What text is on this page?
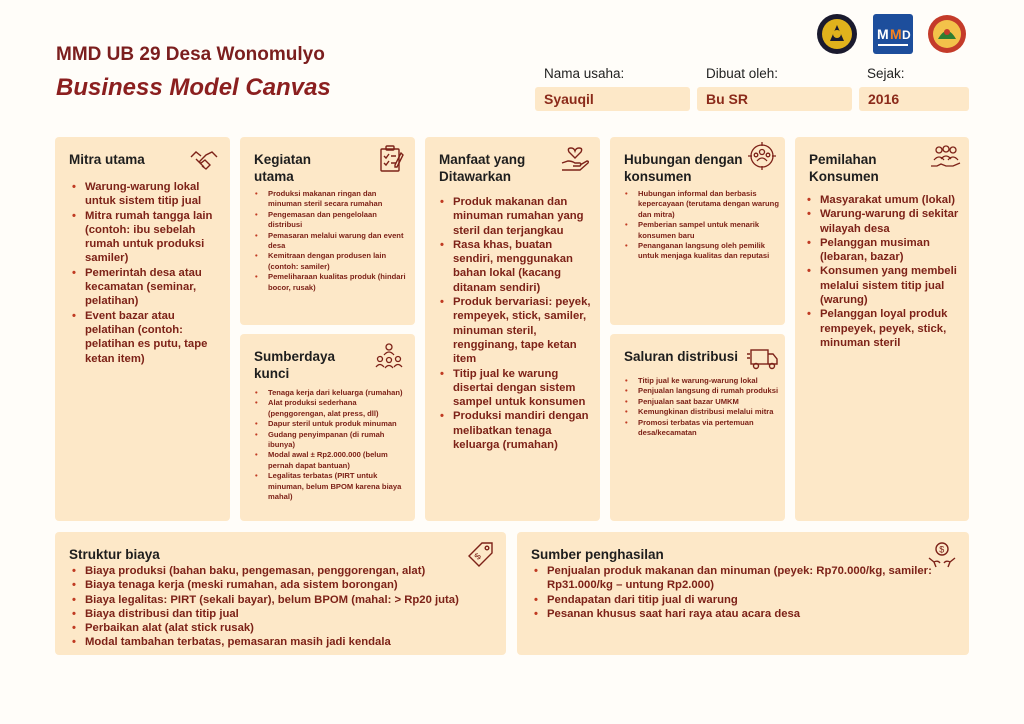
MMD UB 29 Desa Wonomulyo
Business Model Canvas
Nama usaha:
Syauqil
Dibuat oleh:
Bu SR
Sejak:
2016
M M D
Mitra utama
• Warung-warung lokal untuk sistem titip jual
• Mitra rumah tangga lain (contoh: ibu sebelah rumah untuk produksi samiler)
• Pemerintah desa atau kecamatan (seminar, pelatihan)
• Event bazar atau pelatihan (contoh: pelatihan es putu, tape ketan item)
Kegiatan utama
• Produksi makanan ringan dan minuman steril secara rumahan
• Pengemasan dan pengelolaan distribusi
• Pemasaran melalui warung dan event desa
• Kemitraan dengan produsen lain (contoh: samiler)
• Pemeliharaan kualitas produk (hindari bocor, rusak)
Sumberdaya kunci
• Tenaga kerja dari keluarga (rumahan)
• Alat produksi sederhana (penggorengan, alat press, dll)
• Dapur steril untuk produk minuman
• Gudang penyimpanan (di rumah ibunya)
• Modal awal ± Rp2.000.000 (belum pernah dapat bantuan)
• Legalitas terbatas (PIRT untuk minuman, belum BPOM karena biaya mahal)
Manfaat yang Ditawarkan
• Produk makanan dan minuman rumahan yang steril dan terjangkau
• Rasa khas, buatan sendiri, menggunakan bahan lokal (kacang ditanam sendiri)
• Produk bervariasi: peyek, rempeyek, stick, samiler, minuman steril, rengginang, tape ketan item
• Titip jual ke warung disertai dengan sistem sampel untuk konsumen
• Produksi mandiri dengan melibatkan tenaga keluarga (rumahan)
Hubungan dengan konsumen
• Hubungan informal dan berbasis kepercayaan (terutama dengan warung dan mitra)
• Pemberian sampel untuk menarik konsumen baru
• Penanganan langsung oleh pemilik untuk menjaga kualitas dan reputasi
Saluran distribusi
• Titip jual ke warung-warung lokal
• Penjualan langsung di rumah produksi
• Penjualan saat bazar UMKM
• Kemungkinan distribusi melalui mitra
• Promosi terbatas via pertemuan desa/kecamatan
Pemilahan Konsumen
• Masyarakat umum (lokal)
• Warung-warung di sekitar wilayah desa
• Pelanggan musiman (lebaran, bazar)
• Konsumen yang membeli melalui sistem titip jual (warung)
• Pelanggan loyal produk rempeyek, peyek, stick, minuman steril
Struktur biaya	$
• Biaya produksi (bahan baku, pengemasan, penggorengan, alat)
• Biaya tenaga kerja (meski rumahan, ada sistem borongan)
• Biaya legalitas: PIRT (sekali bayar), belum BPOM (mahal: > Rp20 juta)
• Biaya distribusi dan titip jual
• Perbaikan alat (alat stick rusak)
• Modal tambahan terbatas, pemasaran masih jadi kendala
Sumber penghasilan	$
• Penjualan produk makanan dan minuman (peyek: Rp70.000/kg, samiler: Rp31.000/kg – untung Rp2.000)
• Pendapatan dari titip jual di warung
• Pesanan khusus saat hari raya atau acara desa
